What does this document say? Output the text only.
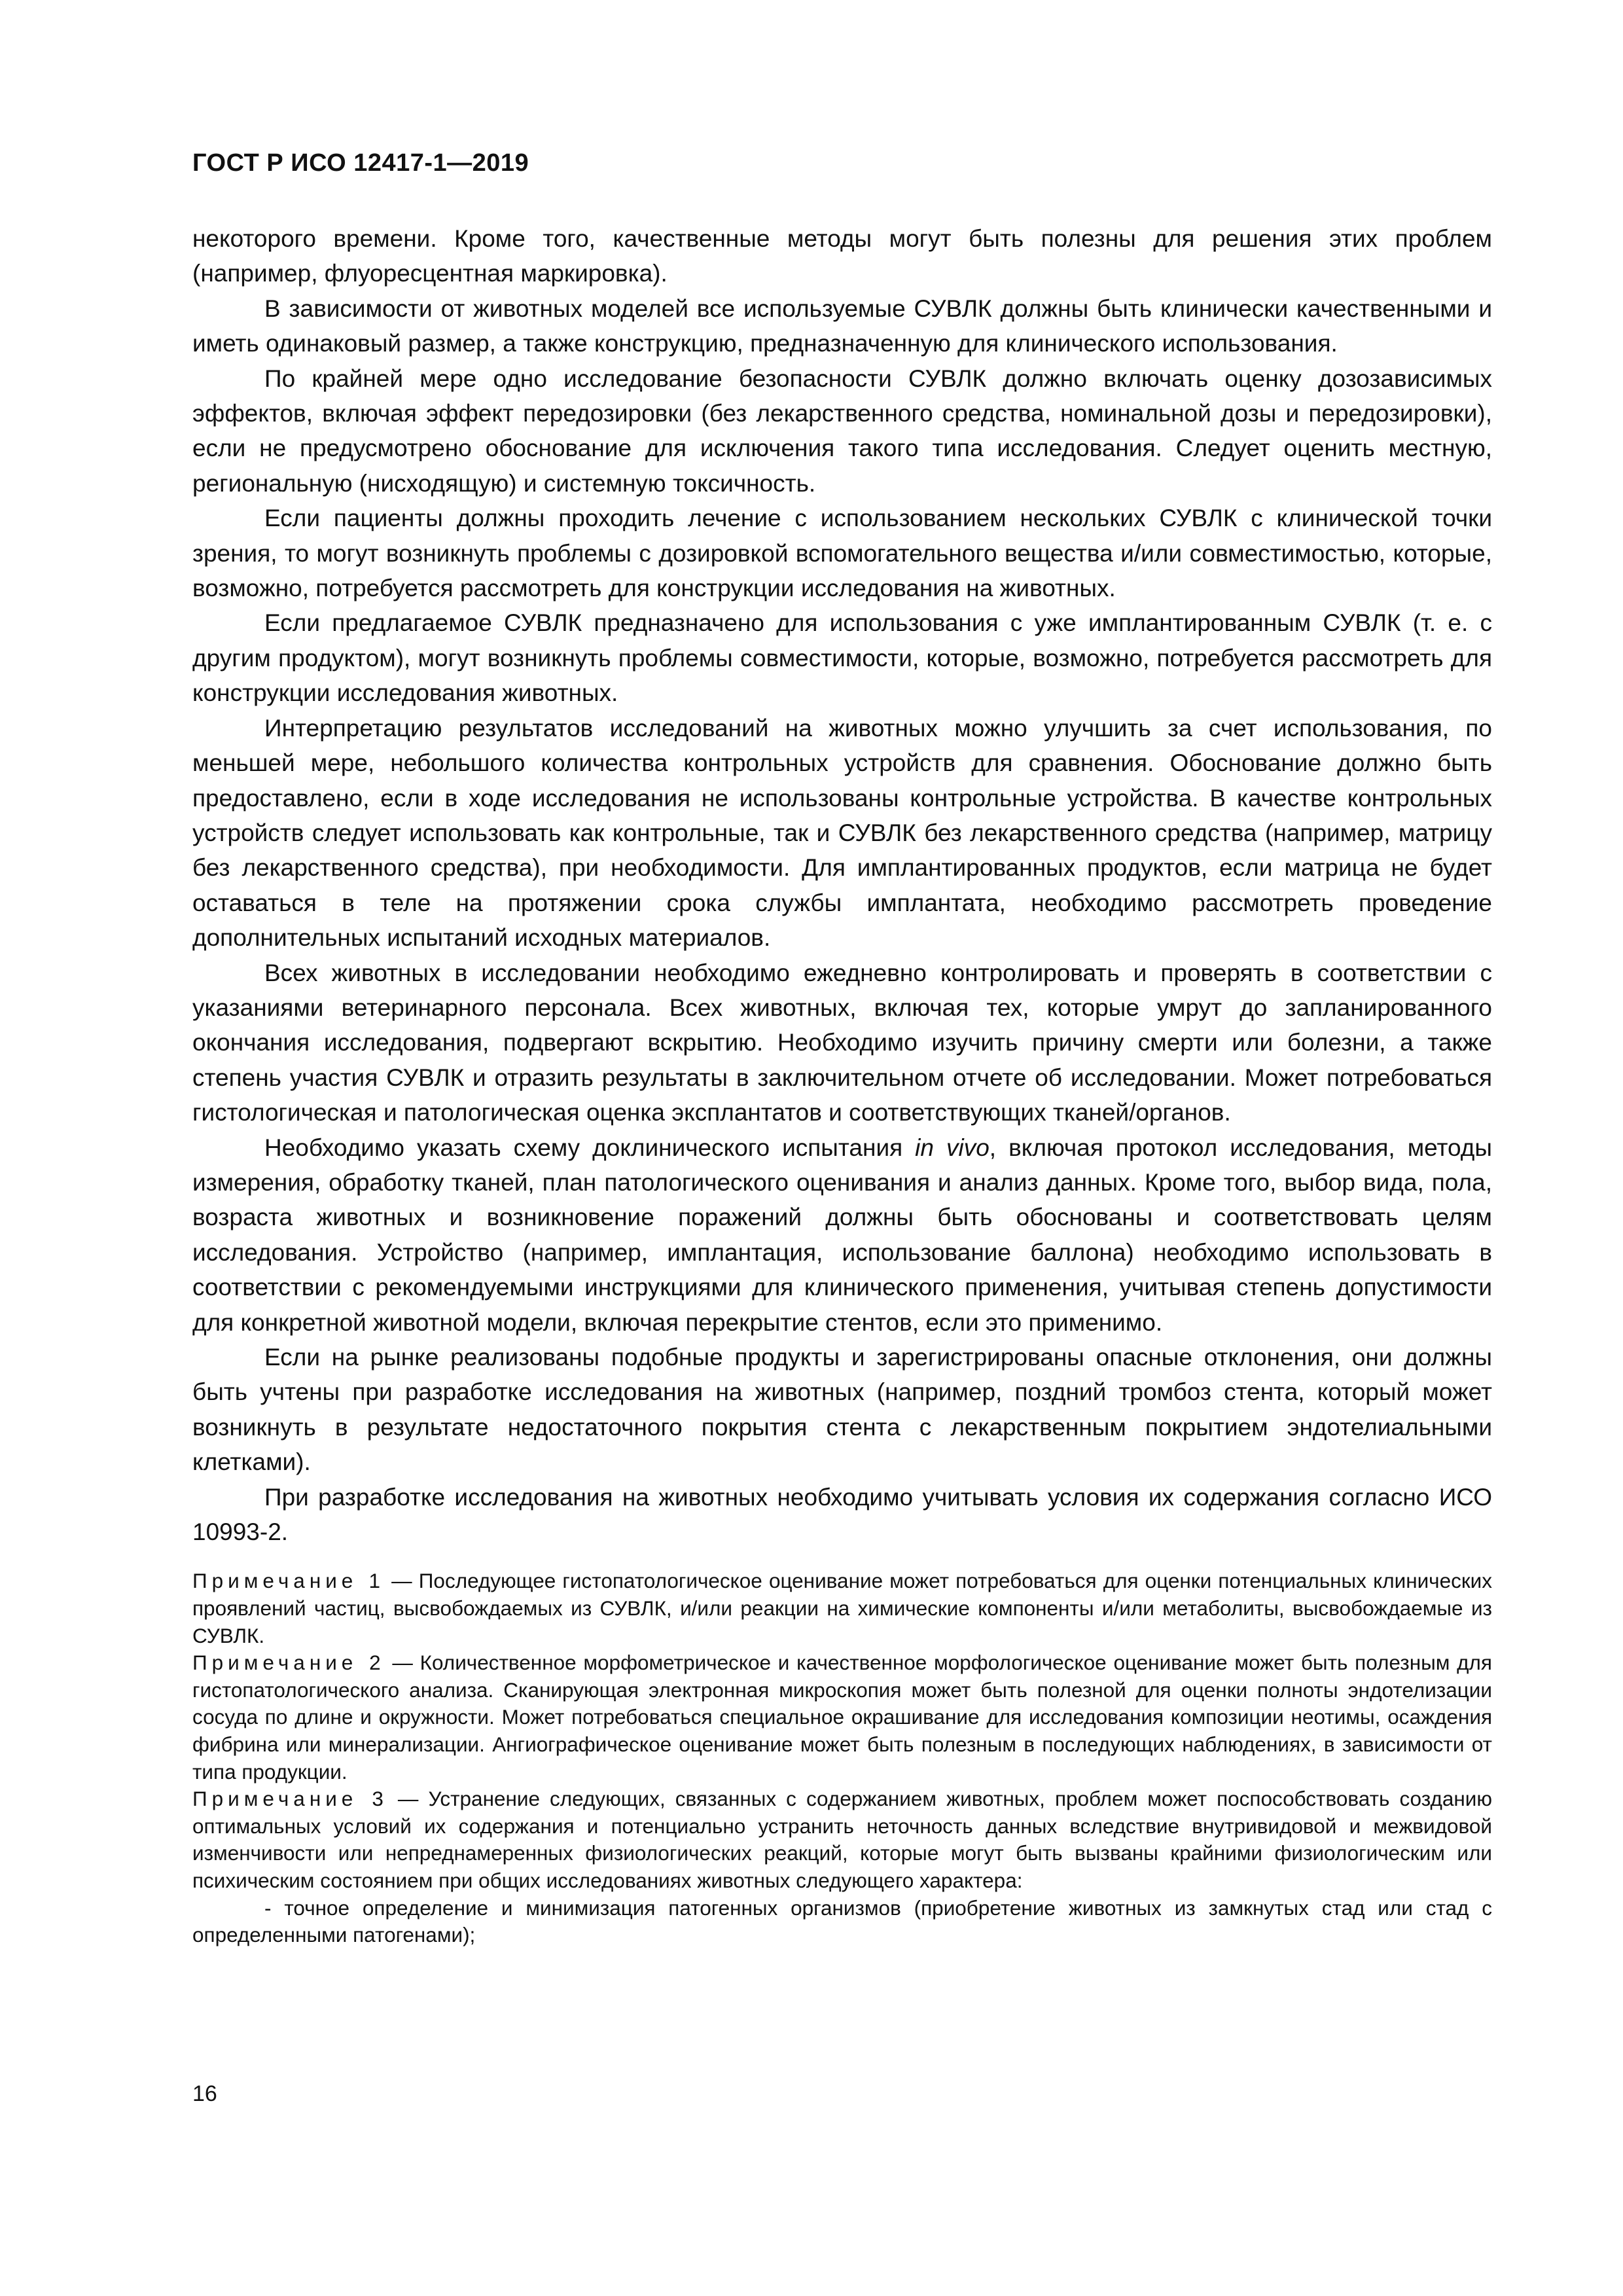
ГОСТ Р ИСО 12417-1—2019

некоторого времени. Кроме того, качественные методы могут быть полезны для решения этих проблем (например, флуоресцентная маркировка).

В зависимости от животных моделей все используемые СУВЛК должны быть клинически качественными и иметь одинаковый размер, а также конструкцию, предназначенную для клинического использования.

По крайней мере одно исследование безопасности СУВЛК должно включать оценку дозозависимых эффектов, включая эффект передозировки (без лекарственного средства, номинальной дозы и передозировки), если не предусмотрено обоснование для исключения такого типа исследования. Следует оценить местную, региональную (нисходящую) и системную токсичность.

Если пациенты должны проходить лечение с использованием нескольких СУВЛК с клинической точки зрения, то могут возникнуть проблемы с дозировкой вспомогательного вещества и/или совместимостью, которые, возможно, потребуется рассмотреть для конструкции исследования на животных.

Если предлагаемое СУВЛК предназначено для использования с уже имплантированным СУВЛК (т. е. с другим продуктом), могут возникнуть проблемы совместимости, которые, возможно, потребуется рассмотреть для конструкции исследования животных.

Интерпретацию результатов исследований на животных можно улучшить за счет использования, по меньшей мере, небольшого количества контрольных устройств для сравнения. Обоснование должно быть предоставлено, если в ходе исследования не использованы контрольные устройства. В качестве контрольных устройств следует использовать как контрольные, так и СУВЛК без лекарственного средства (например, матрицу без лекарственного средства), при необходимости. Для имплантированных продуктов, если матрица не будет оставаться в теле на протяжении срока службы имплантата, необходимо рассмотреть проведение дополнительных испытаний исходных материалов.

Всех животных в исследовании необходимо ежедневно контролировать и проверять в соответствии с указаниями ветеринарного персонала. Всех животных, включая тех, которые умрут до запланированного окончания исследования, подвергают вскрытию. Необходимо изучить причину смерти или болезни, а также степень участия СУВЛК и отразить результаты в заключительном отчете об исследовании. Может потребоваться гистологическая и патологическая оценка эксплантатов и соответствующих тканей/органов.

Необходимо указать схему доклинического испытания in vivo, включая протокол исследования, методы измерения, обработку тканей, план патологического оценивания и анализ данных. Кроме того, выбор вида, пола, возраста животных и возникновение поражений должны быть обоснованы и соответствовать целям исследования. Устройство (например, имплантация, использование баллона) необходимо использовать в соответствии с рекомендуемыми инструкциями для клинического применения, учитывая степень допустимости для конкретной животной модели, включая перекрытие стентов, если это применимо.

Если на рынке реализованы подобные продукты и зарегистрированы опасные отклонения, они должны быть учтены при разработке исследования на животных (например, поздний тромбоз стента, который может возникнуть в результате недостаточного покрытия стента с лекарственным покрытием эндотелиальными клетками).

При разработке исследования на животных необходимо учитывать условия их содержания согласно ИСО 10993-2.

Примечание 1 — Последующее гистопатологическое оценивание может потребоваться для оценки потенциальных клинических проявлений частиц, высвобождаемых из СУВЛК, и/или реакции на химические компоненты и/или метаболиты, высвобождаемые из СУВЛК.

Примечание 2 — Количественное морфометрическое и качественное морфологическое оценивание может быть полезным для гистопатологического анализа. Сканирующая электронная микроскопия может быть полезной для оценки полноты эндотелизации сосуда по длине и окружности. Может потребоваться специальное окрашивание для исследования композиции неотимы, осаждения фибрина или минерализации. Ангиографическое оценивание может быть полезным в последующих наблюдениях, в зависимости от типа продукции.

Примечание 3 — Устранение следующих, связанных с содержанием животных, проблем может поспособствовать созданию оптимальных условий их содержания и потенциально устранить неточность данных вследствие внутривидовой и межвидовой изменчивости или непреднамеренных физиологических реакций, которые могут быть вызваны крайними физиологическим или психическим состоянием при общих исследованиях животных следующего характера:

- точное определение и минимизация патогенных организмов (приобретение животных из замкнутых стад или стад с определенными патогенами);

16
